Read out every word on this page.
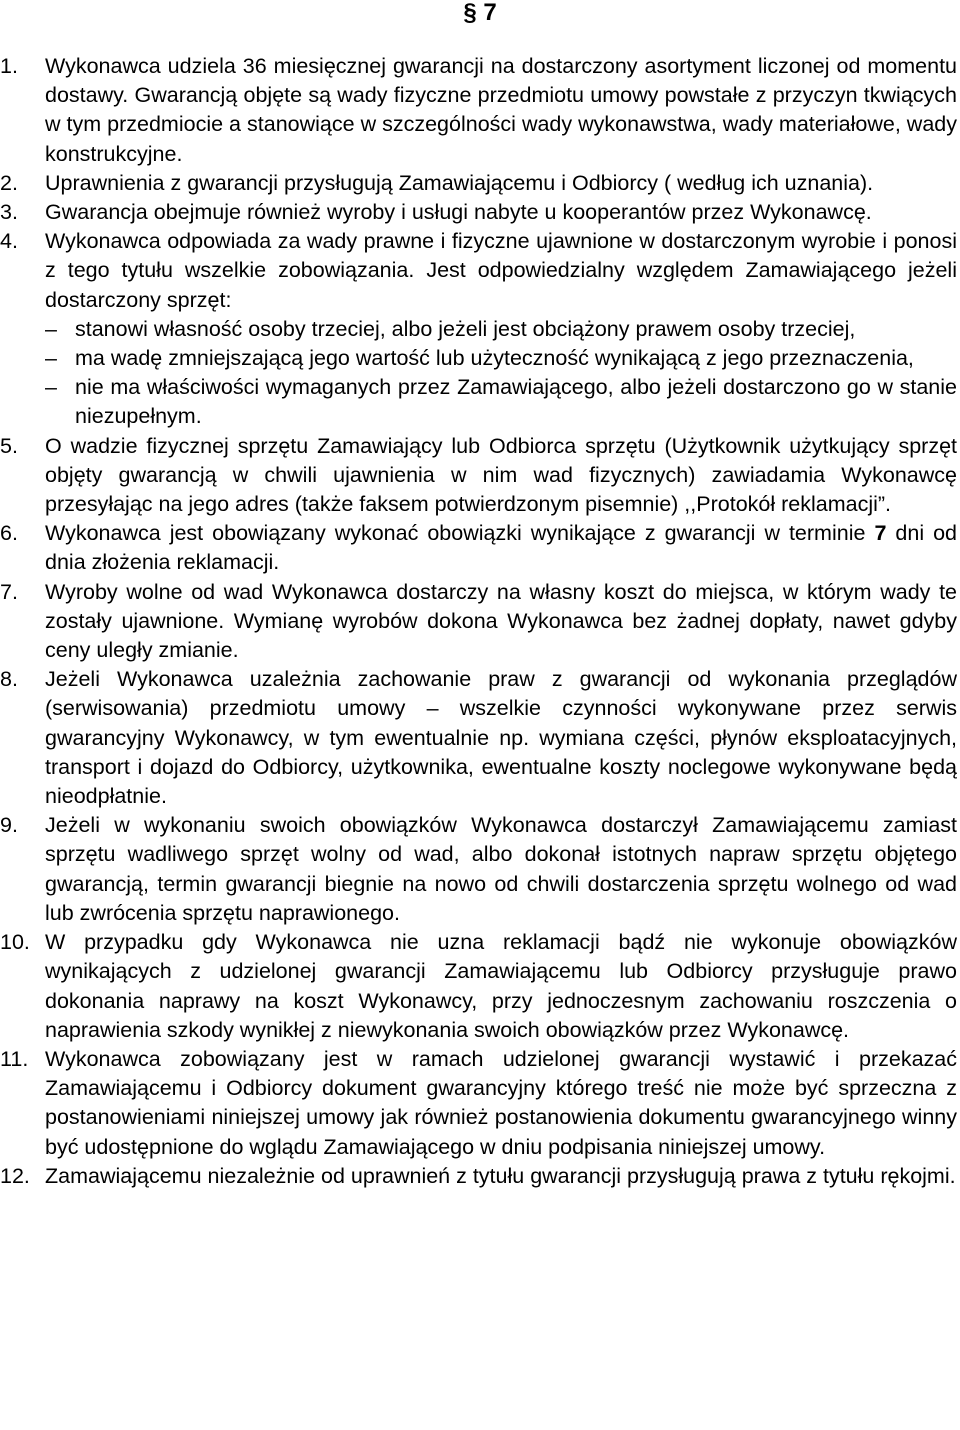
§ 7
1.	Wykonawca udziela 36 miesięcznej gwarancji na dostarczony asortyment liczonej od momentu dostawy. Gwarancją objęte są wady fizyczne przedmiotu umowy powstałe z przyczyn tkwiących w tym przedmiocie a stanowiące w szczególności wady wykonawstwa, wady materiałowe, wady konstrukcyjne.

2.	Uprawnienia z gwarancji przysługują Zamawiającemu i Odbiorcy ( według ich uznania).

3.	Gwarancja obejmuje również wyroby i usługi nabyte u kooperantów przez Wykonawcę.

4.	Wykonawca odpowiada za wady prawne i fizyczne ujawnione w dostarczonym wyrobie i ponosi z tego tytułu wszelkie zobowiązania. Jest odpowiedzialny względem Zamawiającego jeżeli dostarczony sprzęt:

– stanowi własność osoby trzeciej, albo jeżeli jest obciążony prawem osoby trzeciej,
– ma wadę zmniejszającą jego wartość lub użyteczność wynikającą z jego przeznaczenia,
– nie ma właściwości wymaganych przez Zamawiającego, albo jeżeli dostarczono go w stanie niezupełnym.
5.	O wadzie fizycznej sprzętu Zamawiający lub Odbiorca sprzętu (Użytkownik użytkujący sprzęt objęty gwarancją w chwili ujawnienia w nim wad fizycznych) zawiadamia Wykonawcę przesyłając na jego adres (także faksem potwierdzonym pisemnie) ,,Protokół reklamacji”.

6.	Wykonawca jest obowiązany wykonać obowiązki wynikające z gwarancji w terminie 7 dni od dnia złożenia reklamacji.

7.	Wyroby wolne od wad Wykonawca dostarczy na własny koszt do miejsca, w którym wady te zostały ujawnione. Wymianę wyrobów dokona Wykonawca bez żadnej dopłaty, nawet gdyby ceny uległy zmianie.

8.	Jeżeli Wykonawca uzależnia zachowanie praw z gwarancji od wykonania przeglądów (serwisowania) przedmiotu umowy – wszelkie czynności wykonywane przez serwis gwarancyjny Wykonawcy, w tym ewentualnie np. wymiana części, płynów eksploatacyjnych, transport i dojazd do Odbiorcy, użytkownika, ewentualne koszty noclegowe wykonywane będą nieodpłatnie.

9.	Jeżeli w wykonaniu swoich obowiązków Wykonawca dostarczył Zamawiającemu zamiast sprzętu wadliwego sprzęt wolny od wad, albo dokonał istotnych napraw sprzętu objętego gwarancją, termin gwarancji biegnie na nowo od chwili dostarczenia sprzętu wolnego od wad lub zwrócenia sprzętu naprawionego.

10. W przypadku gdy Wykonawca nie uzna reklamacji bądź nie wykonuje obowiązków wynikających z udzielonej gwarancji Zamawiającemu lub Odbiorcy przysługuje prawo dokonania naprawy na koszt Wykonawcy, przy jednoczesnym zachowaniu roszczenia o naprawienia szkody wynikłej z niewykonania swoich obowiązków przez Wykonawcę.

11. Wykonawca zobowiązany jest w ramach udzielonej gwarancji wystawić i przekazać Zamawiającemu i Odbiorcy dokument gwarancyjny którego treść nie może być sprzeczna z postanowieniami niniejszej umowy jak również postanowienia dokumentu gwarancyjnego winny być udostępnione do wglądu Zamawiającego w dniu podpisania niniejszej umowy.

12. Zamawiającemu niezależnie od uprawnień z tytułu gwarancji przysługują prawa z tytułu rękojmi.
